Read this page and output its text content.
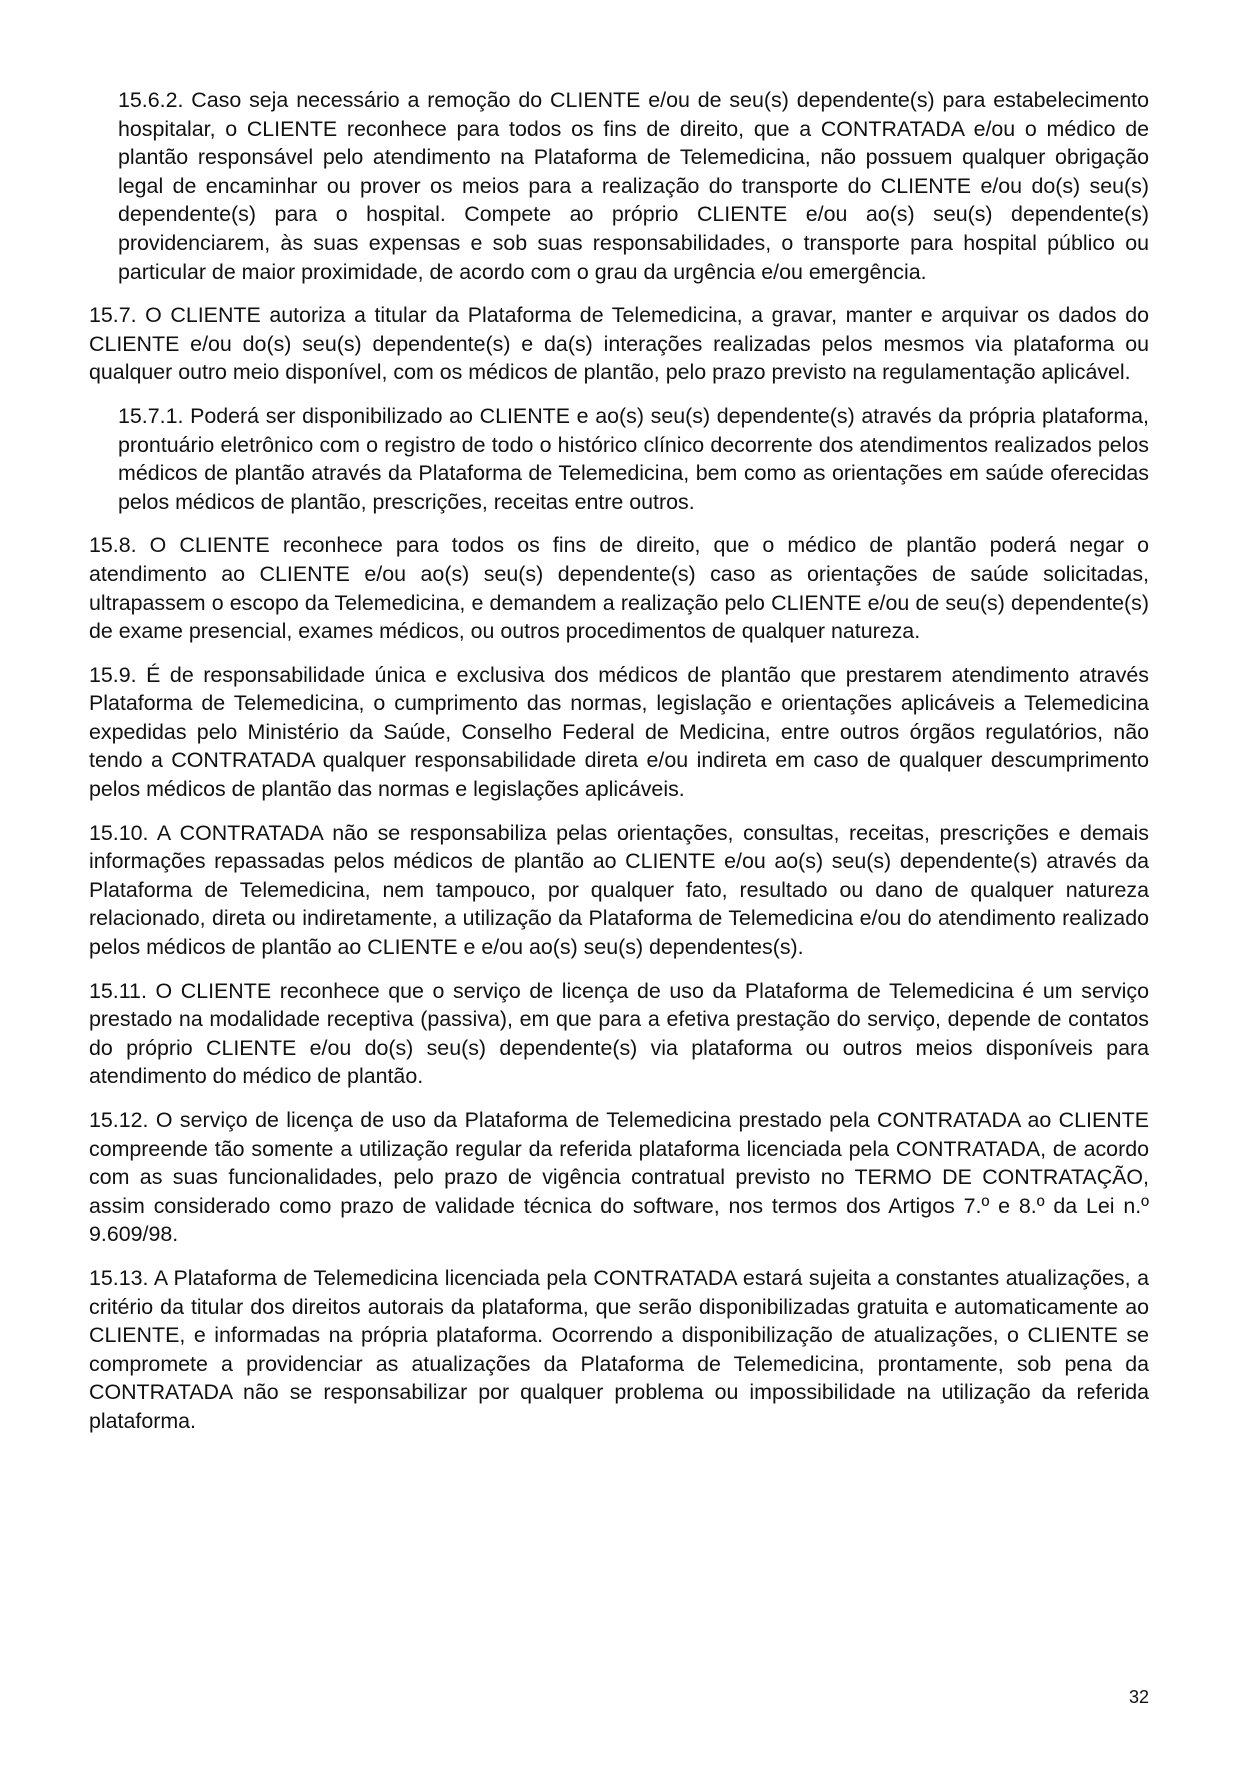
15.6.2. Caso seja necessário a remoção do CLIENTE e/ou de seu(s) dependente(s) para estabelecimento hospitalar, o CLIENTE reconhece para todos os fins de direito, que a CONTRATADA e/ou o médico de plantão responsável pelo atendimento na Plataforma de Telemedicina, não possuem qualquer obrigação legal de encaminhar ou prover os meios para a realização do transporte do CLIENTE e/ou do(s) seu(s) dependente(s) para o hospital. Compete ao próprio CLIENTE e/ou ao(s) seu(s) dependente(s) providenciarem, às suas expensas e sob suas responsabilidades, o transporte para hospital público ou particular de maior proximidade, de acordo com o grau da urgência e/ou emergência.

15.7. O CLIENTE autoriza a titular da Plataforma de Telemedicina, a gravar, manter e arquivar os dados do CLIENTE e/ou do(s) seu(s) dependente(s) e da(s) interações realizadas pelos mesmos via plataforma ou qualquer outro meio disponível, com os médicos de plantão, pelo prazo previsto na regulamentação aplicável.

15.7.1. Poderá ser disponibilizado ao CLIENTE e ao(s) seu(s) dependente(s) através da própria plataforma, prontuário eletrônico com o registro de todo o histórico clínico decorrente dos atendimentos realizados pelos médicos de plantão através da Plataforma de Telemedicina, bem como as orientações em saúde oferecidas pelos médicos de plantão, prescrições, receitas entre outros.

15.8. O CLIENTE reconhece para todos os fins de direito, que o médico de plantão poderá negar o atendimento ao CLIENTE e/ou ao(s) seu(s) dependente(s) caso as orientações de saúde solicitadas, ultrapassem o escopo da Telemedicina, e demandem a realização pelo CLIENTE e/ou de seu(s) dependente(s) de exame presencial, exames médicos, ou outros procedimentos de qualquer natureza.

15.9. É de responsabilidade única e exclusiva dos médicos de plantão que prestarem atendimento através Plataforma de Telemedicina, o cumprimento das normas, legislação e orientações aplicáveis a Telemedicina expedidas pelo Ministério da Saúde, Conselho Federal de Medicina, entre outros órgãos regulatórios, não tendo a CONTRATADA qualquer responsabilidade direta e/ou indireta em caso de qualquer descumprimento pelos médicos de plantão das normas e legislações aplicáveis.

15.10. A CONTRATADA não se responsabiliza pelas orientações, consultas, receitas, prescrições e demais informações repassadas pelos médicos de plantão ao CLIENTE e/ou ao(s) seu(s) dependente(s) através da Plataforma de Telemedicina, nem tampouco, por qualquer fato, resultado ou dano de qualquer natureza relacionado, direta ou indiretamente, a utilização da Plataforma de Telemedicina e/ou do atendimento realizado pelos médicos de plantão ao CLIENTE e e/ou ao(s) seu(s) dependentes(s).

15.11. O CLIENTE reconhece que o serviço de licença de uso da Plataforma de Telemedicina é um serviço prestado na modalidade receptiva (passiva), em que para a efetiva prestação do serviço, depende de contatos do próprio CLIENTE e/ou do(s) seu(s) dependente(s) via plataforma ou outros meios disponíveis para atendimento do médico de plantão.

15.12. O serviço de licença de uso da Plataforma de Telemedicina prestado pela CONTRATADA ao CLIENTE compreende tão somente a utilização regular da referida plataforma licenciada pela CONTRATADA, de acordo com as suas funcionalidades, pelo prazo de vigência contratual previsto no TERMO DE CONTRATAÇÃO, assim considerado como prazo de validade técnica do software, nos termos dos Artigos 7.º e 8.º da Lei n.º 9.609/98.

15.13. A Plataforma de Telemedicina licenciada pela CONTRATADA estará sujeita a constantes atualizações, a critério da titular dos direitos autorais da plataforma, que serão disponibilizadas gratuita e automaticamente ao CLIENTE, e informadas na própria plataforma. Ocorrendo a disponibilização de atualizações, o CLIENTE se compromete a providenciar as atualizações da Plataforma de Telemedicina, prontamente, sob pena da CONTRATADA não se responsabilizar por qualquer problema ou impossibilidade na utilização da referida plataforma.

32
